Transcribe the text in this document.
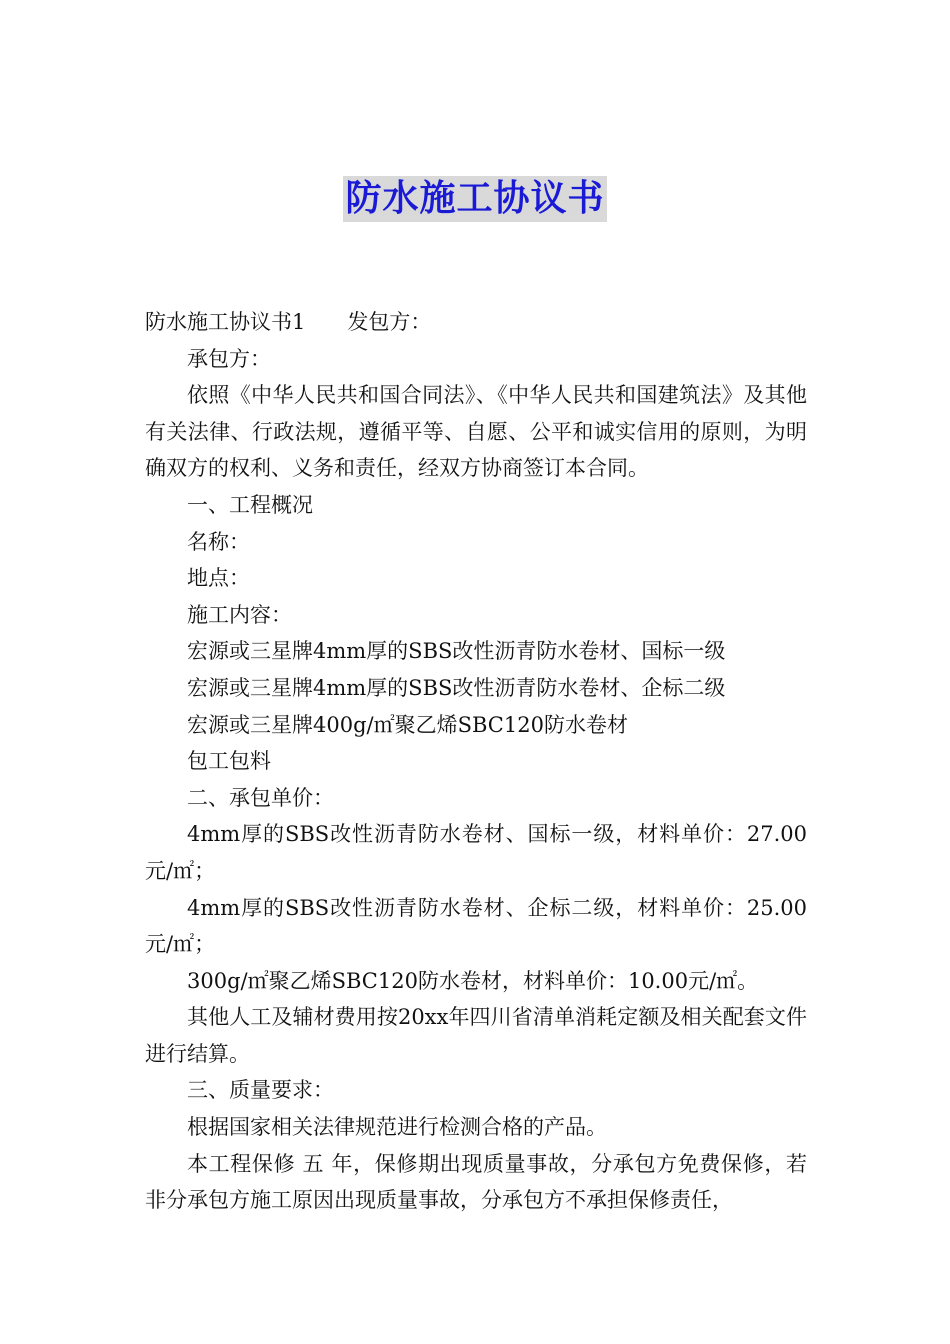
防水施工协议书

防水施工协议书1 发包方：

承包方：

依照《中华人民共和国合同法》、《中华人民共和国建筑法》及其他有关法律、行政法规，遵循平等、自愿、公平和诚实信用的原则，为明确双方的权利、义务和责任，经双方协商签订本合同。

一、工程概况

名称：

地点：

施工内容：

宏源或三星牌4mm厚的SBS改性沥青防水卷材、国标一级

宏源或三星牌4mm厚的SBS改性沥青防水卷材、企标二级

宏源或三星牌400g/㎡聚乙烯SBC120防水卷材

包工包料

二、承包单价：

4mm厚的SBS改性沥青防水卷材、国标一级，材料单价：27.00元/㎡；

4mm厚的SBS改性沥青防水卷材、企标二级，材料单价：25.00元/㎡；

300g/㎡聚乙烯SBC120防水卷材，材料单价：10.00元/㎡。

其他人工及辅材费用按20xx年四川省清单消耗定额及相关配套文件进行结算。

三、质量要求：

根据国家相关法律规范进行检测合格的产品。

本工程保修 五 年，保修期出现质量事故，分承包方免费保修，若非分承包方施工原因出现质量事故，分承包方不承担保修责任，
